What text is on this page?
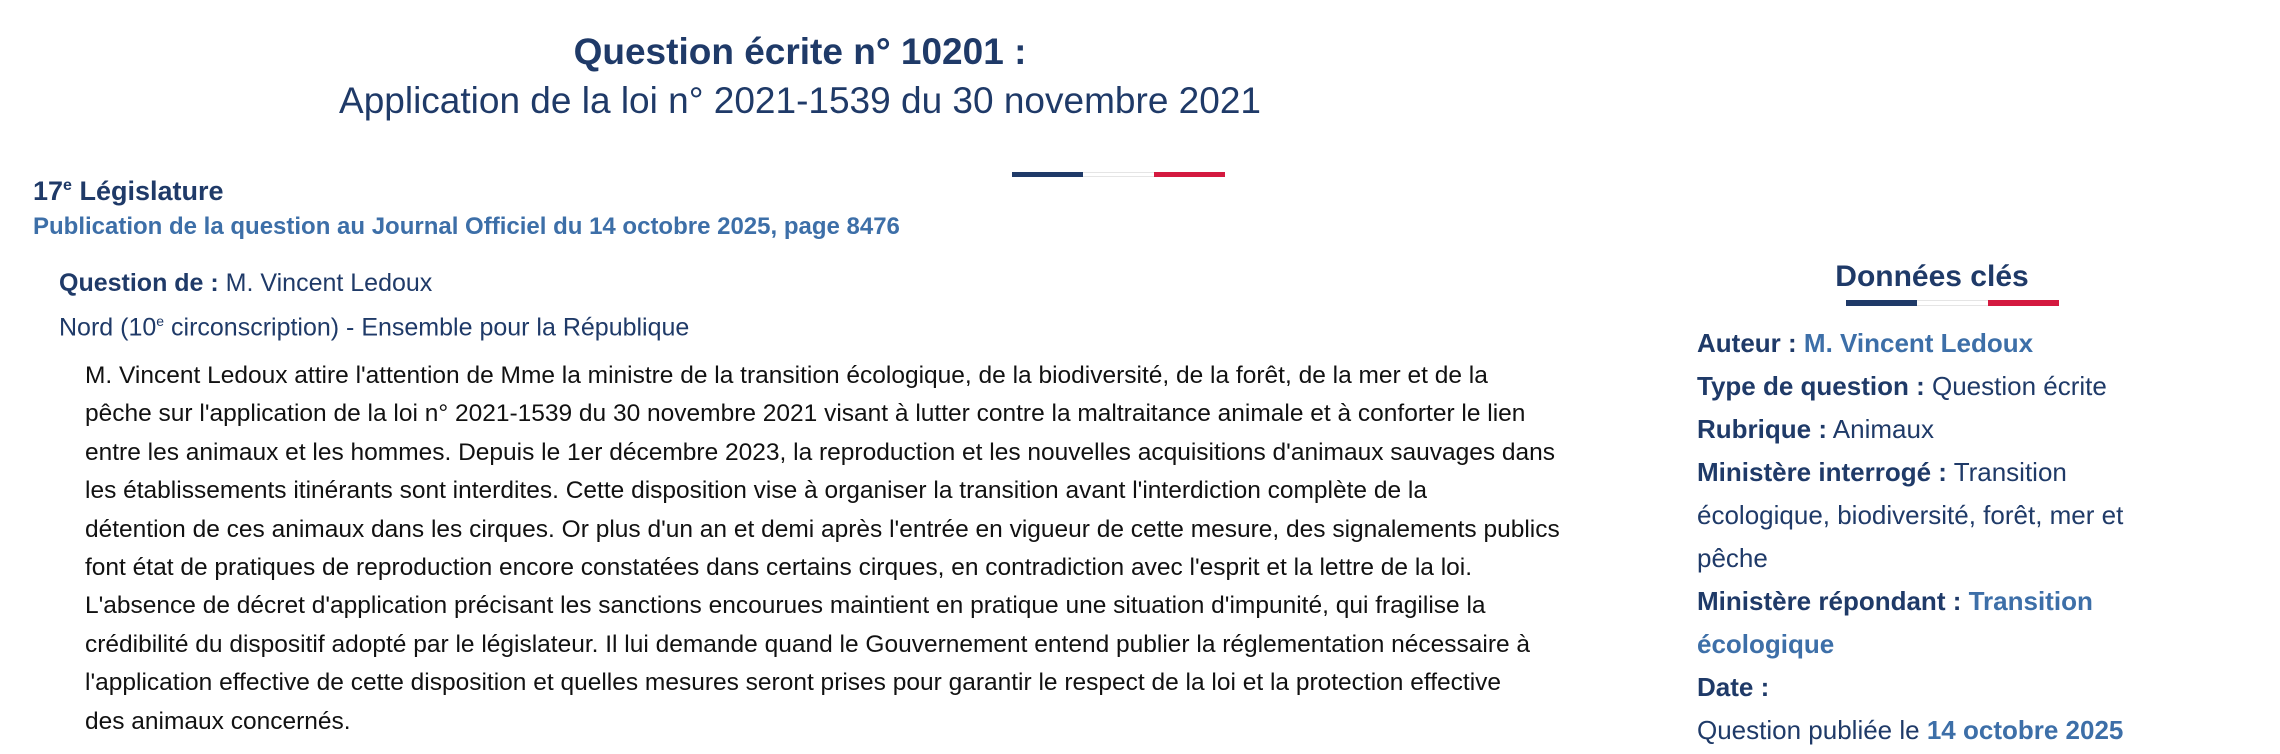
Question écrite n° 10201 :
Application de la loi n° 2021-1539 du 30 novembre 2021
17e Législature
Publication de la question au Journal Officiel du 14 octobre 2025, page 8476
Question de : M. Vincent Ledoux
Nord (10e circonscription) - Ensemble pour la République
M. Vincent Ledoux attire l'attention de Mme la ministre de la transition écologique, de la biodiversité, de la forêt, de la mer et de la
pêche sur l'application de la loi n° 2021-1539 du 30 novembre 2021 visant à lutter contre la maltraitance animale et à conforter le lien
entre les animaux et les hommes. Depuis le 1er décembre 2023, la reproduction et les nouvelles acquisitions d'animaux sauvages dans
les établissements itinérants sont interdites. Cette disposition vise à organiser la transition avant l'interdiction complète de la
détention de ces animaux dans les cirques. Or plus d'un an et demi après l'entrée en vigueur de cette mesure, des signalements publics
font état de pratiques de reproduction encore constatées dans certains cirques, en contradiction avec l'esprit et la lettre de la loi.
L'absence de décret d'application précisant les sanctions encourues maintient en pratique une situation d'impunité, qui fragilise la
crédibilité du dispositif adopté par le législateur. Il lui demande quand le Gouvernement entend publier la réglementation nécessaire à
l'application effective de cette disposition et quelles mesures seront prises pour garantir le respect de la loi et la protection effective
des animaux concernés.
Données clés
Auteur : M. Vincent Ledoux
Type de question : Question écrite
Rubrique : Animaux
Ministère interrogé : Transition
écologique, biodiversité, forêt, mer et
pêche
Ministère répondant : Transition
écologique
Date :
Question publiée le 14 octobre 2025
